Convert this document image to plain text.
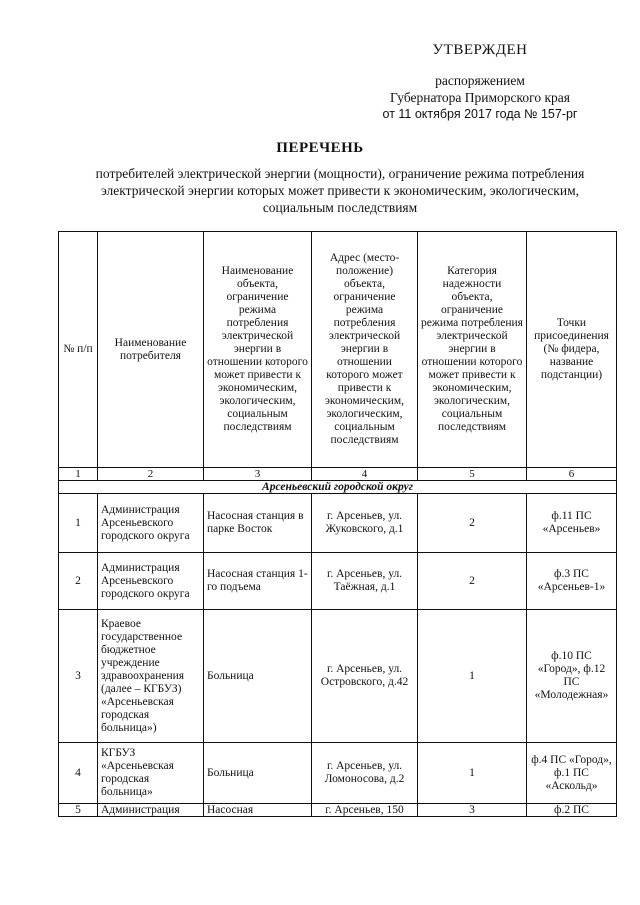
УТВЕРЖДЕН
распоряжением
Губернатора Приморского края
от 11 октября 2017 года № 157-рг
ПЕРЕЧЕНЬ
потребителей электрической энергии (мощности), ограничение режима потребления электрической энергии которых может привести к экономическим, экологическим, социальным последствиям
№ п/п	Наименование потребителя	Наименование объекта, ограничение режима потребления электрической энергии в отношении которого может привести к экономическим, экологическим, социальным последствиям	Адрес (место-положение) объекта, ограничение режима потребления электрической энергии в отношении которого может привести к экономическим, экологическим, социальным последствиям	Категория надежности объекта, ограничение режима потребления электрической энергии в отношении которого может привести к экономическим, экологическим, социальным последствиям	Точки присоединения (№ фидера, название подстанции)
1	2	3	4	5	6
Арсеньевский городской округ					
1	Администрация Арсеньевского городского округа	Насосная станция в парке Восток	г. Арсеньев, ул. Жуковского, д.1	2	ф.11 ПС «Арсеньев»
2	Администрация Арсеньевского городского округа	Насосная станция 1-го подъема	г. Арсеньев, ул. Таёжная, д.1	2	ф.3 ПС «Арсеньев-1»
3	Краевое государственное бюджетное учреждение здравоохранения (далее – КГБУЗ) «Арсеньевская городская больница»)	Больница	г. Арсеньев, ул. Островского, д.42	1	ф.10 ПС «Город», ф.12 ПС «Молодежная»
4	КГБУЗ «Арсеньевская городская больница»	Больница	г. Арсеньев, ул. Ломоносова, д.2	1	ф.4 ПС «Город», ф.1 ПС «Аскольд»
5	Администрация	Насосная	г. Арсеньев, 150	3	ф.2 ПС
